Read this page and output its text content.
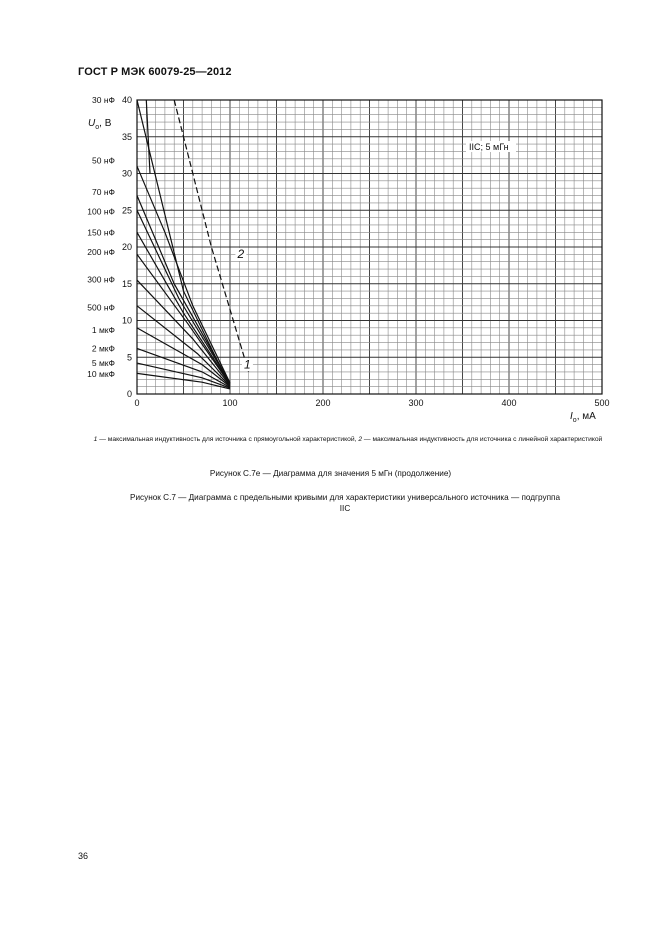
ГОСТ Р МЭК 60079-25—2012
0	100	200	300	400	500
0
5
10
15
20
25
30
35
40
30 нФ
50 нФ
70 нФ
100 нФ
150 нФ
200 нФ
300 нФ
500 нФ
1 мкФ
2 мкФ
5 мкФ
10 мкФ
$U_o$, В
$I_o$, мА
IIC; 5 мГн
1
2
1 — максимальная индуктивность для источника с прямоугольной характеристикой, 2 — максимальная индуктивность для источника с линейной характеристикой
Рисунок С.7е — Диаграмма для значения 5 мГн (продолжение)
Рисунок С.7 — Диаграмма с предельными кривыми для характеристики универсального источника — подгруппа IIC
36
